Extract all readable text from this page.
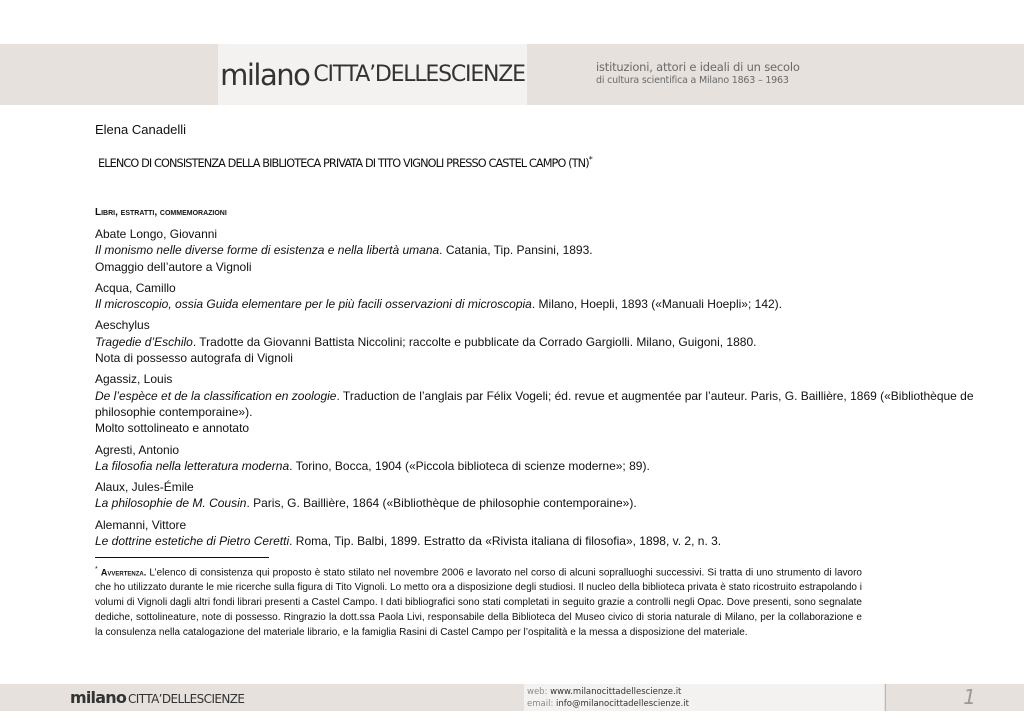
milano CITTA’DELLESCIENZE	istituzioni, attori e ideali di un secolo
di cultura scientifica a Milano 1863 – 1963
Elena Canadelli
ELENCO DI CONSISTENZA DELLA BIBLIOTECA PRIVATA DI TITO VIGNOLI PRESSO CASTEL CAMPO (TN)*
Libri, estratti, commemorazioni
Abate Longo, Giovanni
Il monismo nelle diverse forme di esistenza e nella libertà umana. Catania, Tip. Pansini, 1893.
Omaggio dell’autore a Vignoli
Acqua, Camillo
Il microscopio, ossia Guida elementare per le più facili osservazioni di microscopia. Milano, Hoepli, 1893 («Manuali Hoepli»; 142).
Aeschylus
Tragedie d’Eschilo. Tradotte da Giovanni Battista Niccolini; raccolte e pubblicate da Corrado Gargiolli. Milano, Guigoni, 1880.
Nota di possesso autografa di Vignoli
Agassiz, Louis
De l’espèce et de la classification en zoologie. Traduction de l’anglais par Félix Vogeli; éd. revue et augmentée par l’auteur. Paris, G. Baillière, 1869 («Bibliothèque de philosophie contemporaine»).
Molto sottolineato e annotato
Agresti, Antonio
La filosofia nella letteratura moderna. Torino, Bocca, 1904 («Piccola biblioteca di scienze moderne»; 89).
Alaux, Jules-Émile
La philosophie de M. Cousin. Paris, G. Baillière, 1864 («Bibliothèque de philosophie contemporaine»).
Alemanni, Vittore
Le dottrine estetiche di Pietro Ceretti. Roma, Tip. Balbi, 1899. Estratto da «Rivista italiana di filosofia», 1898, v. 2, n. 3.
* Avvertenza. L’elenco di consistenza qui proposto è stato stilato nel novembre 2006 e lavorato nel corso di alcuni sopralluoghi successivi. Si tratta di uno strumento di lavoro che ho utilizzato durante le mie ricerche sulla figura di Tito Vignoli. Lo metto ora a disposizione degli studiosi. Il nucleo della biblioteca privata è stato ricostruito estrapolando i volumi di Vignoli dagli altri fondi librari presenti a Castel Campo. I dati bibliografici sono stati completati in seguito grazie a controlli negli Opac. Dove presenti, sono segnalate dediche, sottolineature, note di possesso. Ringrazio la dott.ssa Paola Livi, responsabile della Biblioteca del Museo civico di storia naturale di Milano, per la collaborazione e la consulenza nella catalogazione del materiale librario, e la famiglia Rasini di Castel Campo per l’ospitalità e la messa a disposizione del materiale.
milano CITTA’DELLESCIENZE	web: www.milanocittadellescienze.it
email: info@milanocittadellescienze.it	1
